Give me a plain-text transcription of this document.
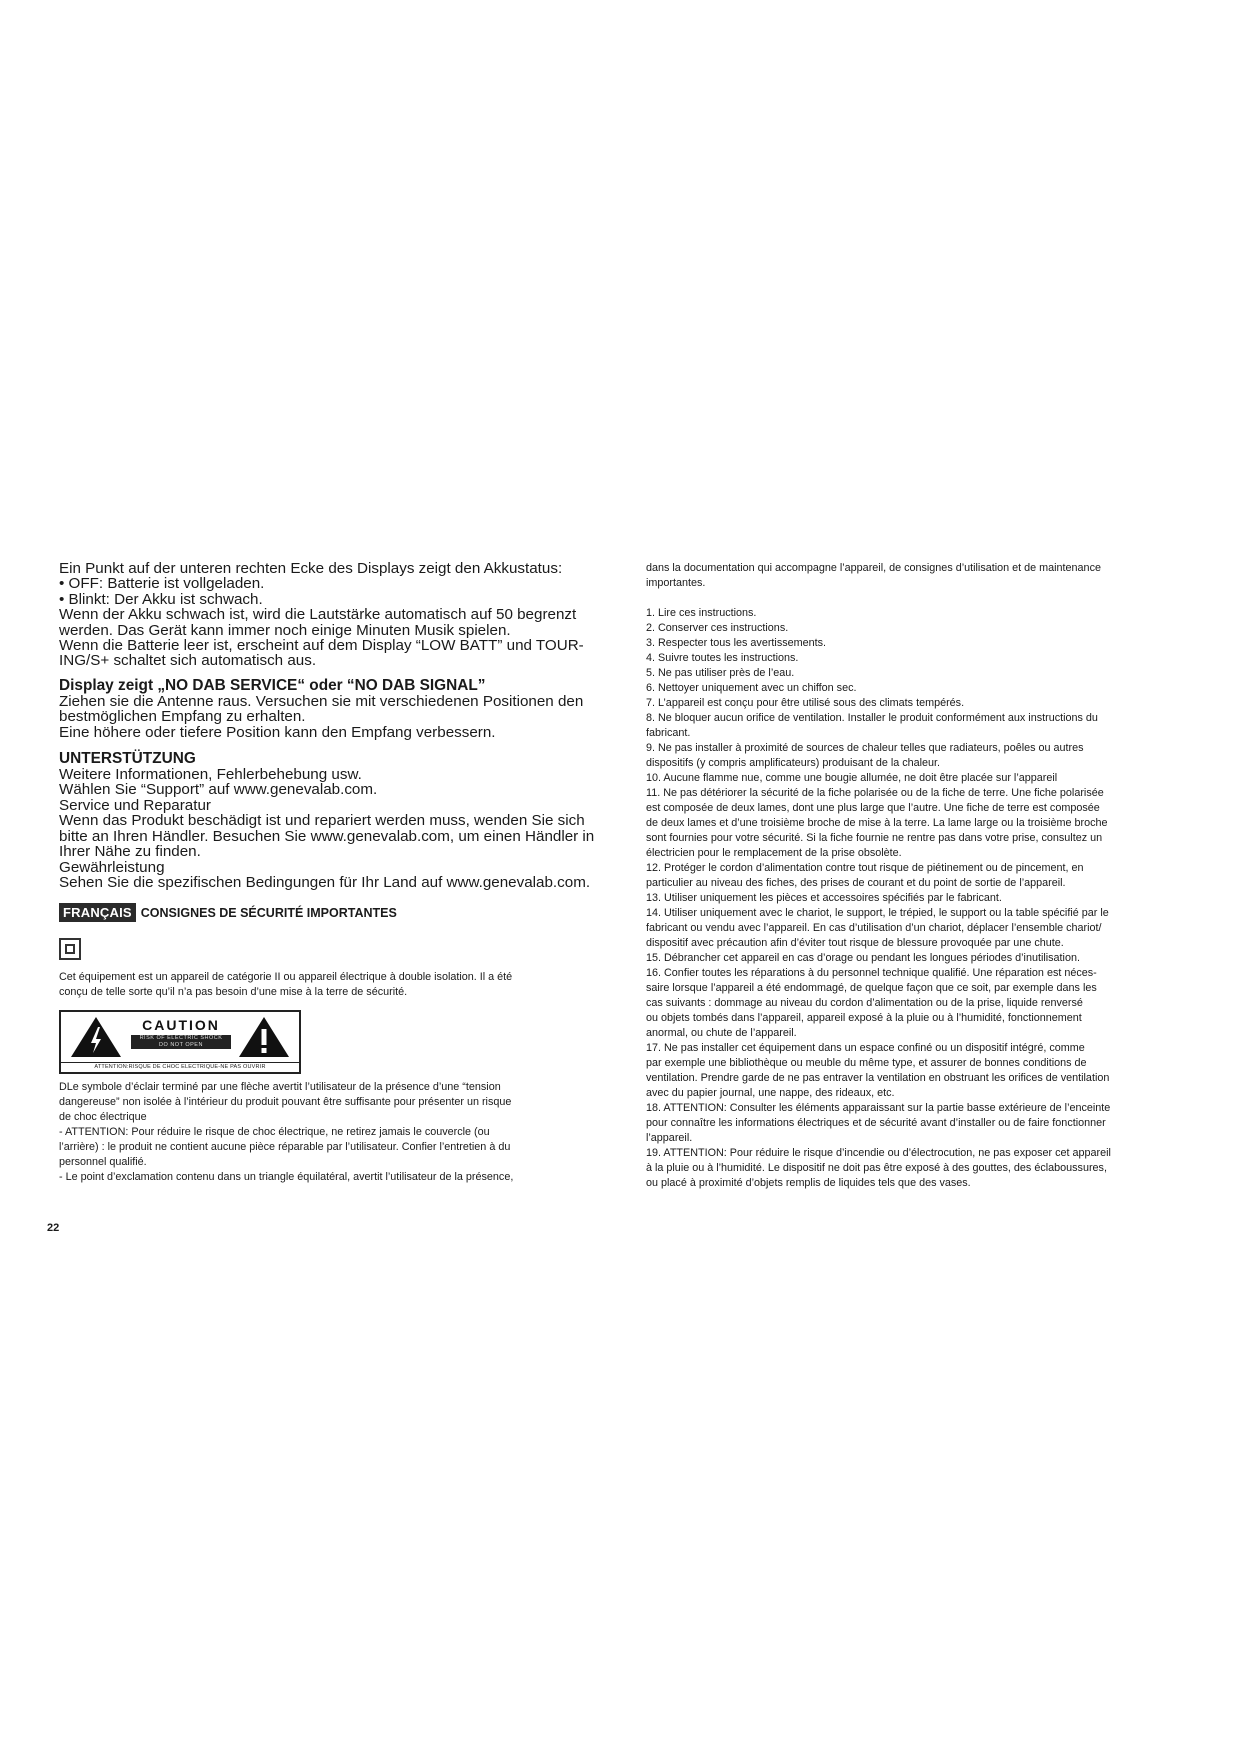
Ein Punkt auf der unteren rechten Ecke des Displays zeigt den Akkustatus:
• OFF: Batterie ist vollgeladen.
• Blinkt: Der Akku ist schwach.
Wenn der Akku schwach ist, wird die Lautstärke automatisch auf 50 begrenzt
werden. Das Gerät kann immer noch einige Minuten Musik spielen.
Wenn die Batterie leer ist, erscheint auf dem Display “LOW BATT” und TOUR-
ING/S+ schaltet sich automatisch aus.

Display zeigt „NO DAB SERVICE“ oder “NO DAB SIGNAL”

Ziehen sie die Antenne raus. Versuchen sie mit verschiedenen Positionen den
bestmöglichen Empfang zu erhalten.
Eine höhere oder tiefere Position kann den Empfang verbessern.

UNTERSTÜTZUNG

Weitere Informationen, Fehlerbehebung usw.
Wählen Sie “Support” auf www.genevalab.com.
Service und Reparatur
Wenn das Produkt beschädigt ist und repariert werden muss, wenden Sie sich
bitte an Ihren Händler. Besuchen Sie www.genevalab.com, um einen Händler in
Ihrer Nähe zu finden.
Gewährleistung
Sehen Sie die spezifischen Bedingungen für Ihr Land auf www.genevalab.com.
FRANÇAIS CONSIGNES DE SÉCURITÉ IMPORTANTES

Cet équipement est un appareil de catégorie II ou appareil électrique à double isolation. Il a été

conçu de telle sorte qu’il n’a pas besoin d’une mise à la terre de sécurité.

CAUTION
RISK OF ELECTRIC SHOCK
DO NOT OPEN
ATTENTION:RISQUE DE CHOC ELECTRIQUE-NE PAS OUVRIR

DLe symbole d’éclair terminé par une flèche avertit l’utilisateur de la présence d’une “tension

dangereuse” non isolée à l’intérieur du produit pouvant être suffisante pour présenter un risque

de choc électrique

- ATTENTION: Pour réduire le risque de choc électrique, ne retirez jamais le couvercle (ou

l’arrière) : le produit ne contient aucune pièce réparable par l’utilisateur. Confier l’entretien à du

personnel qualifié.

- Le point d’exclamation contenu dans un triangle équilatéral, avertit l’utilisateur de la présence,

dans la documentation qui accompagne l’appareil, de consignes d’utilisation et de maintenance

importantes.

1. Lire ces instructions.

2. Conserver ces instructions.

3. Respecter tous les avertissements.

4. Suivre toutes les instructions.

5. Ne pas utiliser près de l’eau.

6. Nettoyer uniquement avec un chiffon sec.

7. L’appareil est conçu pour être utilisé sous des climats tempérés.

8. Ne bloquer aucun orifice de ventilation. Installer le produit conformément aux instructions du

fabricant.

9. Ne pas installer à proximité de sources de chaleur telles que radiateurs, poêles ou autres

dispositifs (y compris amplificateurs) produisant de la chaleur.

10. Aucune flamme nue, comme une bougie allumée, ne doit être placée sur l’appareil

11. Ne pas détériorer la sécurité de la fiche polarisée ou de la fiche de terre. Une fiche polarisée

est composée de deux lames, dont une plus large que l’autre. Une fiche de terre est composée

de deux lames et d’une troisième broche de mise à la terre. La lame large ou la troisième broche

sont fournies pour votre sécurité. Si la fiche fournie ne rentre pas dans votre prise, consultez un

électricien pour le remplacement de la prise obsolète.

12. Protéger le cordon d’alimentation contre tout risque de piétinement ou de pincement, en

particulier au niveau des fiches, des prises de courant et du point de sortie de l’appareil.

13. Utiliser uniquement les pièces et accessoires spécifiés par le fabricant.

14. Utiliser uniquement avec le chariot, le support, le trépied, le support ou la table spécifié par le

fabricant ou vendu avec l’appareil. En cas d’utilisation d’un chariot, déplacer l’ensemble chariot/

dispositif avec précaution afin d’éviter tout risque de blessure provoquée par une chute.

15. Débrancher cet appareil en cas d’orage ou pendant les longues périodes d’inutilisation.

16. Confier toutes les réparations à du personnel technique qualifié. Une réparation est néces-

saire lorsque l’appareil a été endommagé, de quelque façon que ce soit, par exemple dans les

cas suivants : dommage au niveau du cordon d’alimentation ou de la prise, liquide renversé

ou objets tombés dans l’appareil, appareil exposé à la pluie ou à l’humidité, fonctionnement

anormal, ou chute de l’appareil.

17. Ne pas installer cet équipement dans un espace confiné ou un dispositif intégré, comme

par exemple une bibliothèque ou meuble du même type, et assurer de bonnes conditions de

ventilation. Prendre garde de ne pas entraver la ventilation en obstruant les orifices de ventilation

avec du papier journal, une nappe, des rideaux, etc.

18. ATTENTION: Consulter les éléments apparaissant sur la partie basse extérieure de l’enceinte

pour connaître les informations électriques et de sécurité avant d’installer ou de faire fonctionner

l’appareil.

19. ATTENTION: Pour réduire le risque d’incendie ou d’électrocution, ne pas exposer cet appareil

à la pluie ou à l’humidité. Le dispositif ne doit pas être exposé à des gouttes, des éclaboussures,

ou placé à proximité d’objets remplis de liquides tels que des vases.

22
